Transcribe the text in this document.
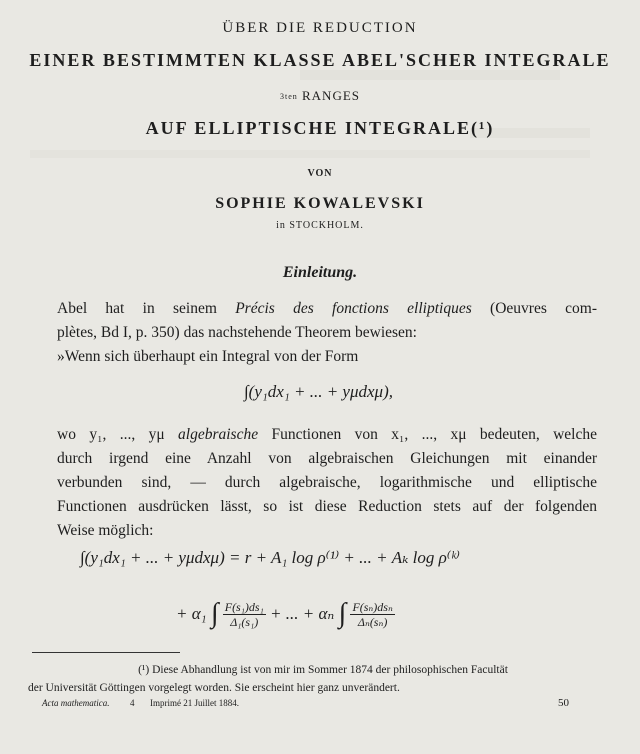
ÜBER DIE REDUCTION
EINER BESTIMMTEN KLASSE ABEL'SCHER INTEGRALE
3ten RANGES
AUF ELLIPTISCHE INTEGRALE(¹)
VON
SOPHIE KOWALEVSKI
in STOCKHOLM.
Einleitung.
Abel hat in seinem Précis des fonctions elliptiques (Oeuvres com-
plètes, Bd I, p. 350) das nachstehende Theorem bewiesen:
»Wenn sich überhaupt ein Integral von der Form
∫(y₁dx₁ + ... + yμdxμ),
wo y₁, ..., yμ algebraische Functionen von x₁, ..., xμ bedeuten, welche
durch irgend eine Anzahl von algebraischen Gleichungen mit einander
verbunden sind, — durch algebraische, logarithmische und elliptische
Functionen ausdrücken lässt, so ist diese Reduction stets auf der folgenden
Weise möglich:
∫(y₁dx₁ + ... + yμdxμ) = r + A₁ log ρ⁽¹⁾ + ... + Aₖ log ρ⁽ᵏ⁾
+ α₁ ∫ $\frac{\text{F(s₁)ds₁}}{\text{Δ₁(s₁)}}$ + ... + αₙ ∫ F(sₙ)dsₙ
Δₙ(sₙ)
(¹) Diese Abhandlung ist von mir im Sommer 1874 der philosophischen Facultät
der Universität Göttingen vorgelegt worden. Sie erscheint hier ganz unverändert.
Acta mathematica. 4 Imprimé 21 Juillet 1884.	50
